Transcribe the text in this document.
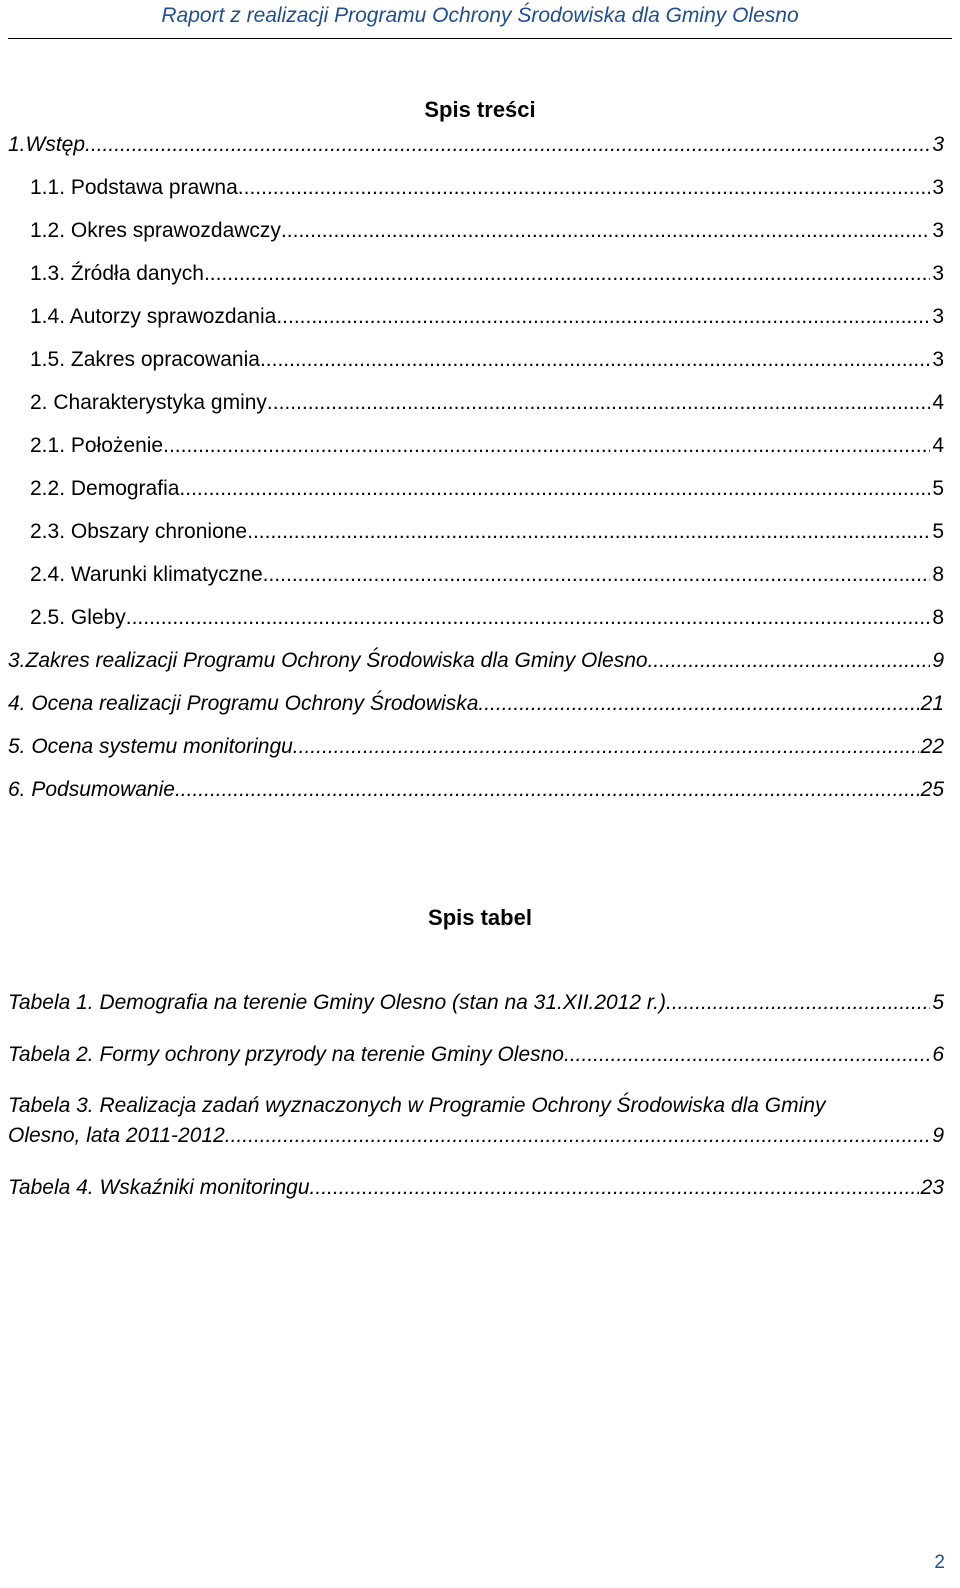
Raport z realizacji Programu Ochrony Środowiska dla Gminy Olesno
Spis treści
1.Wstęp .....	3
1.1. Podstawa prawna .....	3
1.2. Okres sprawozdawczy .....	3
1.3. Źródła danych .....	3
1.4. Autorzy sprawozdania .....	3
1.5. Zakres opracowania .....	3
2. Charakterystyka gminy .....	4
2.1. Położenie .....	4
2.2. Demografia .....	5
2.3. Obszary chronione .....	5
2.4. Warunki klimatyczne .....	8
2.5. Gleby .....	8
3.Zakres realizacji Programu Ochrony Środowiska dla Gminy Olesno. .....	9
4. Ocena realizacji Programu Ochrony Środowiska. .....	21
5. Ocena systemu monitoringu. .....	22
6. Podsumowanie .....	25
Spis tabel
Tabela 1. Demografia na terenie Gminy Olesno (stan na 31.XII.2012 r.). .....	5
Tabela 2. Formy ochrony przyrody na terenie Gminy Olesno. .....	6
Tabela 3. Realizacja zadań wyznaczonych w Programie Ochrony Środowiska dla Gminy
Olesno, lata 2011-2012. .....	9
Tabela 4. Wskaźniki monitoringu .....	23
2
